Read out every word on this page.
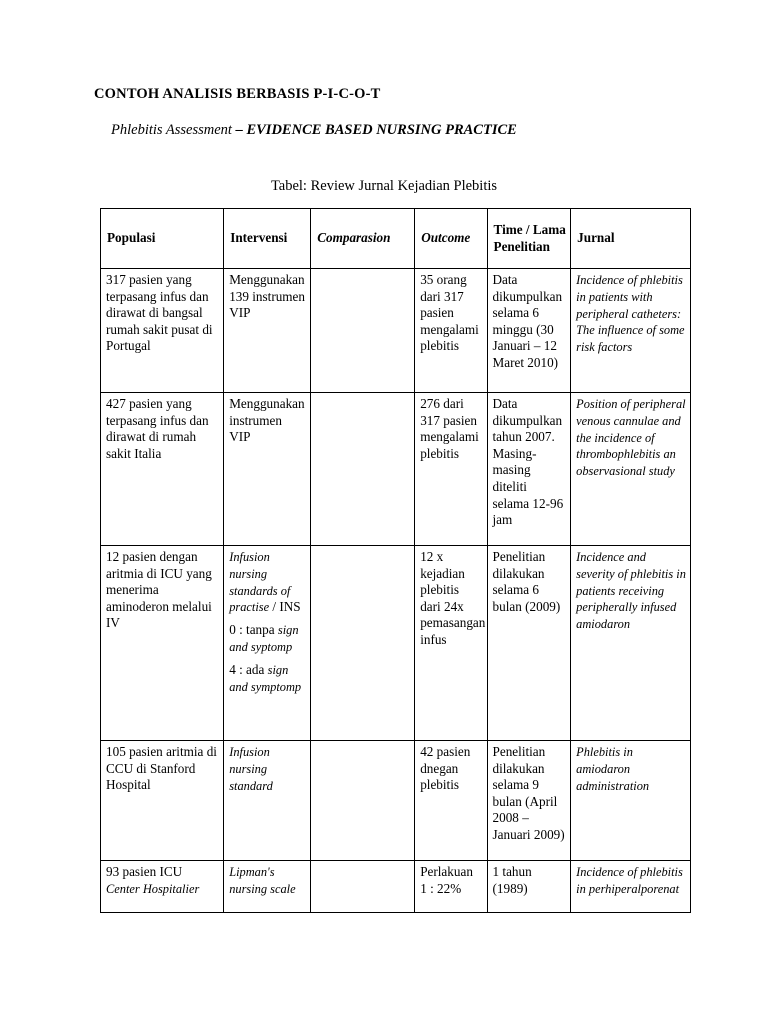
CONTOH ANALISIS BERBASIS P-I-C-O-T
Phlebitis Assessment – EVIDENCE BASED NURSING PRACTICE
Tabel: Review Jurnal Kejadian Plebitis
Populasi	Intervensi	Comparasion	Outcome	Time / Lama Penelitian	Jurnal
317 pasien yang terpasang infus dan dirawat di bangsal rumah sakit pusat di Portugal	Menggunakan 139 instrumen VIP		35 orang dari 317 pasien mengalami plebitis	Data dikumpulkan selama 6 minggu (30 Januari – 12 Maret 2010)	Incidence of phlebitis in patients with peripheral catheters: The influence of some risk factors
427 pasien yang terpasang infus dan dirawat di rumah sakit Italia	Menggunakan instrumen VIP		276 dari 317 pasien mengalami plebitis	Data dikumpulkan tahun 2007. Masing-masing diteliti selama 12-96 jam	Position of peripheral venous cannulae and the incidence of thrombophlebitis an observasional study
12 pasien dengan aritmia di ICU yang menerima aminoderon melalui IV	Infusion nursing standards of practise / INS

0 : tanpa sign and syptomp

4 : ada sign and symptomp		12 x kejadian plebitis dari 24x pemasangan infus	Penelitian dilakukan selama 6 bulan (2009)	Incidence and severity of phlebitis in patients receiving peripherally infused amiodaron
105 pasien aritmia di CCU di Stanford Hospital	Infusion nursing standard		42 pasien dnegan plebitis	Penelitian dilakukan selama 9 bulan (April 2008 – Januari 2009)	Phlebitis in amiodaron administration
93 pasien ICU Center Hospitalier	Lipman's nursing scale		Perlakuan 1 : 22%	1 tahun (1989)	Incidence of phlebitis in perhiperalporenat
